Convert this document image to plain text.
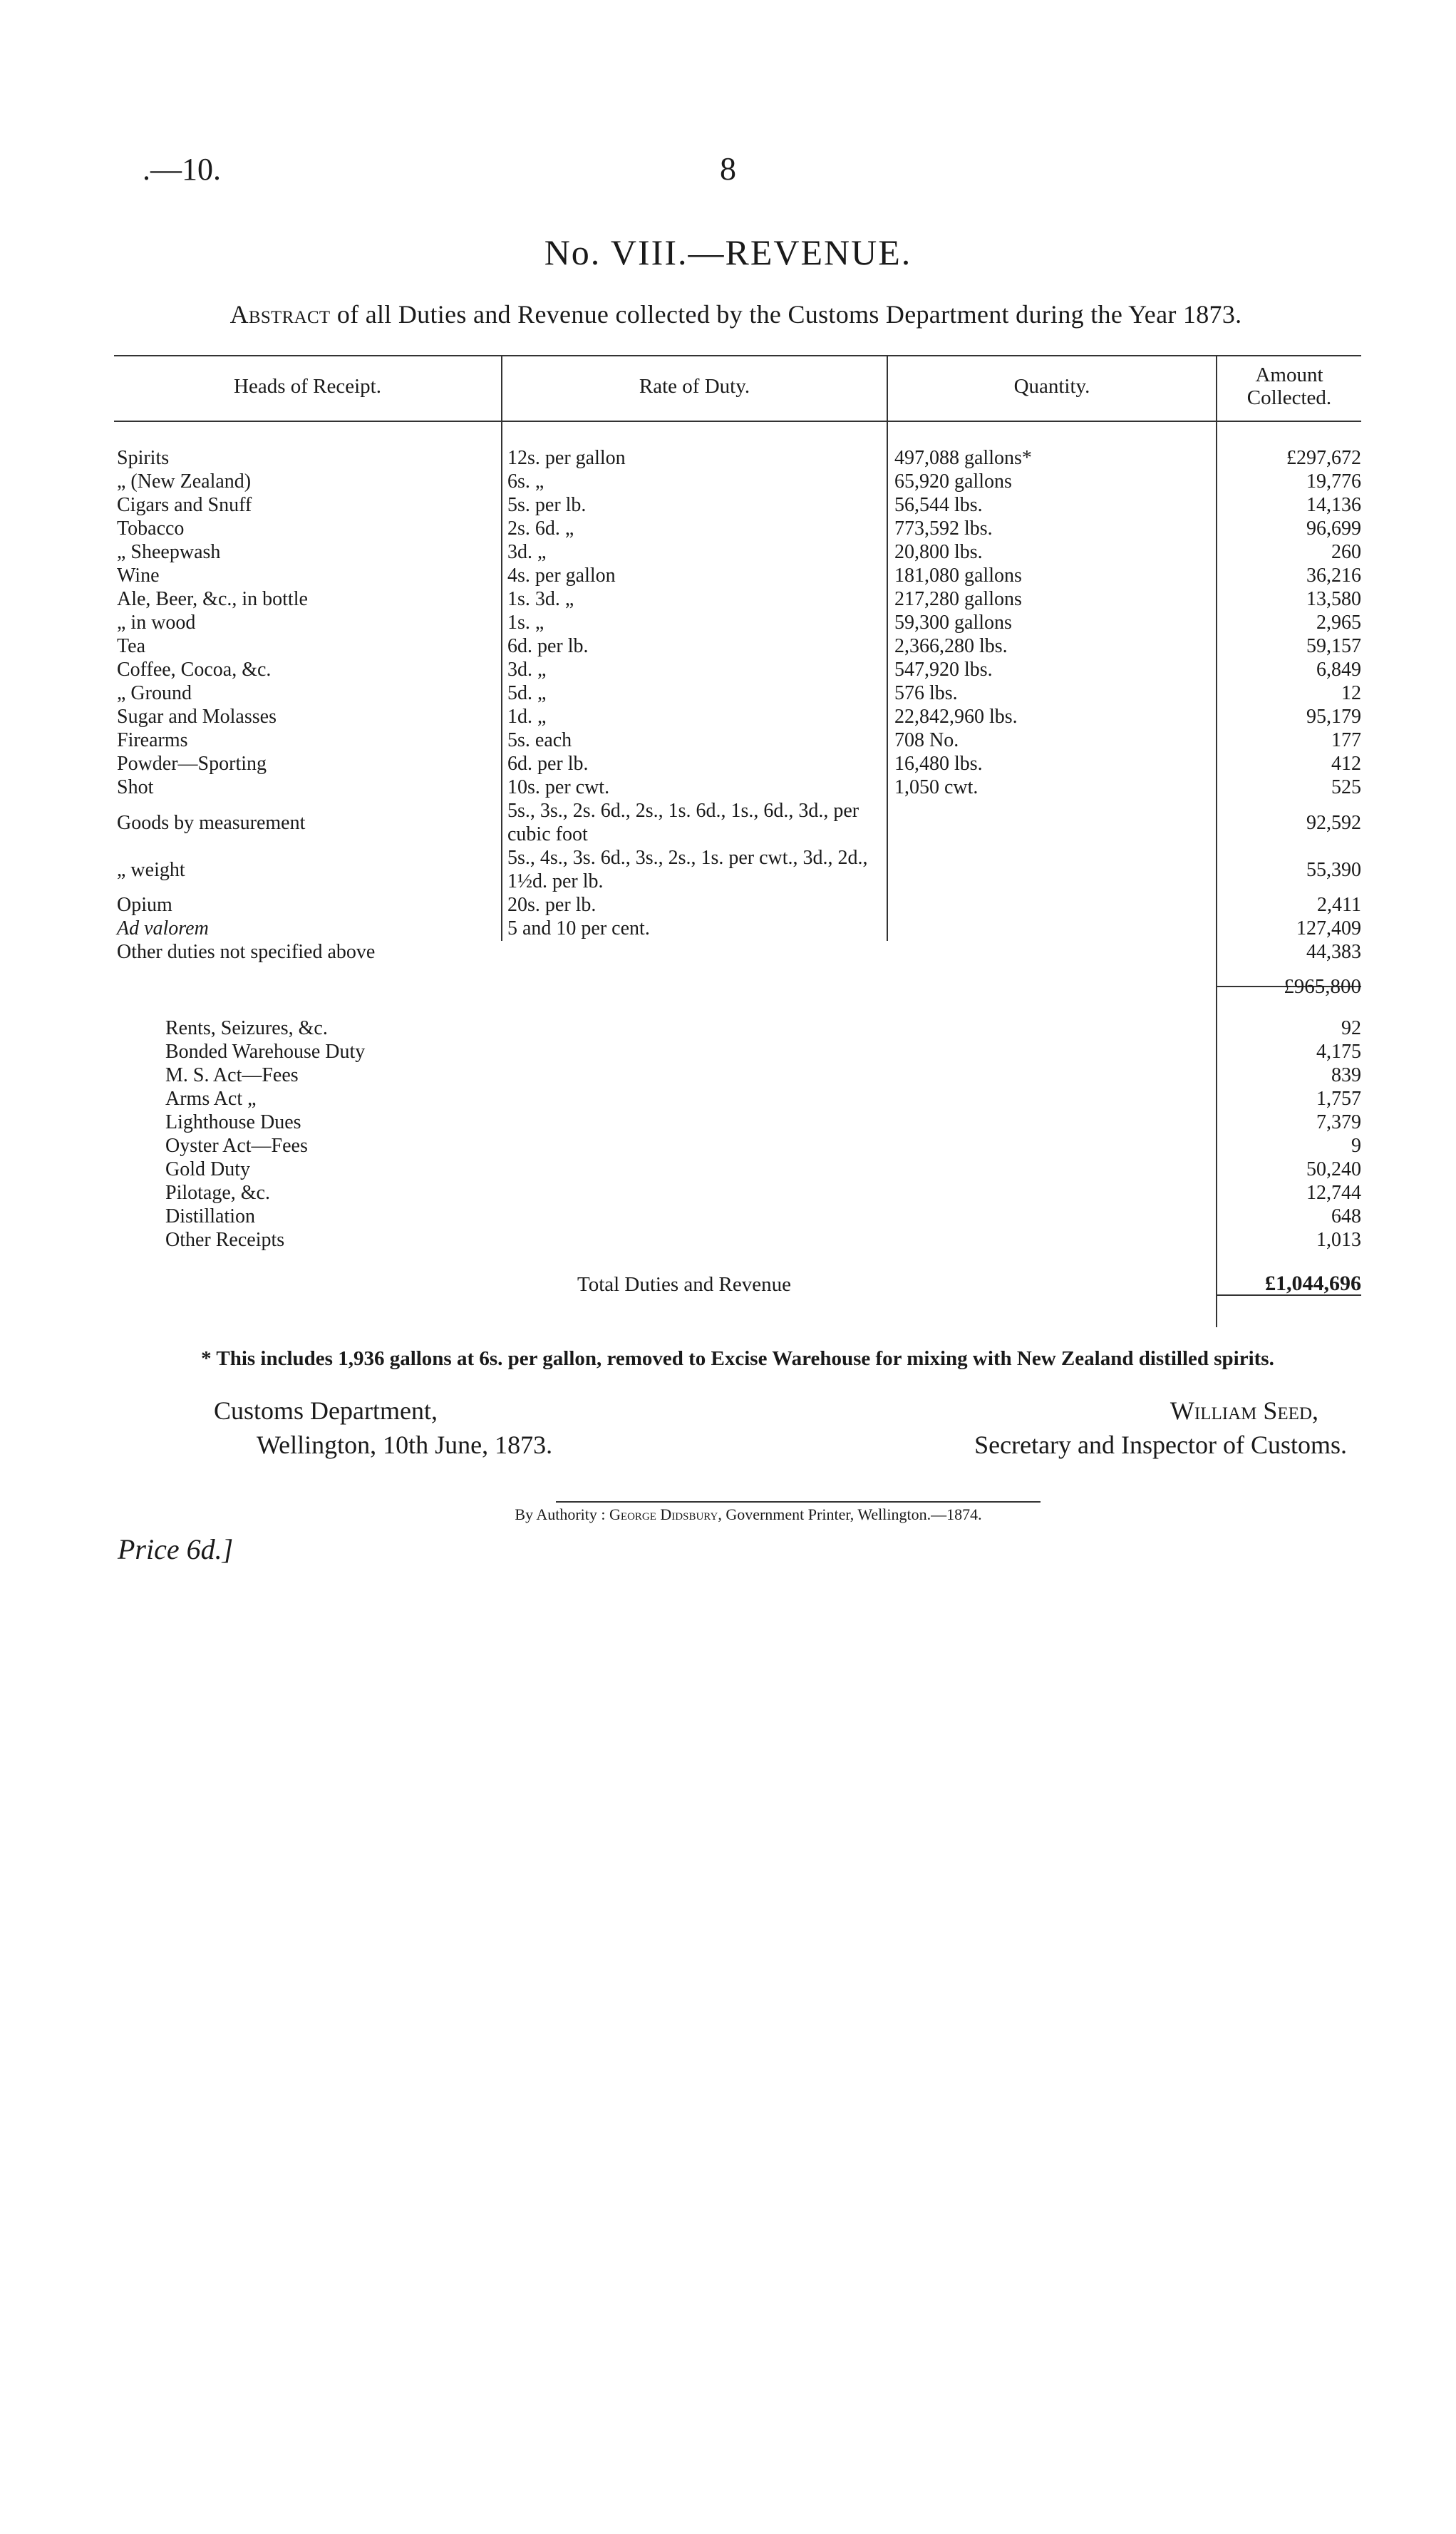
.—10.	8
No. VIII.—REVENUE.
Abstract of all Duties and Revenue collected by the Customs Department during the Year 1873.
Heads of Receipt.	Rate of Duty.	Quantity.	Amount
Collected.
Spirits	12s. per gallon	497,088 gallons*	£297,672
„ (New Zealand)	6s. „	65,920 gallons	19,776
Cigars and Snuff	5s. per lb.	56,544 lbs.	14,136
Tobacco	2s. 6d. „	773,592 lbs.	96,699
„ Sheepwash	3d. „	20,800 lbs.	260
Wine	4s. per gallon	181,080 gallons	36,216
Ale, Beer, &c., in bottle	1s. 3d. „	217,280 gallons	13,580
„ in wood	1s. „	59,300 gallons	2,965
Tea	6d. per lb.	2,366,280 lbs.	59,157
Coffee, Cocoa, &c.	3d. „	547,920 lbs.	6,849
„ Ground	5d. „	576 lbs.	12
Sugar and Molasses	1d. „	22,842,960 lbs.	95,179
Firearms	5s. each	708 No.	177
Powder—Sporting	6d. per lb.	16,480 lbs.	412
Shot	10s. per cwt.	1,050 cwt.	525
Goods by measurement	5s., 3s., 2s. 6d., 2s., 1s. 6d., 1s., 6d., 3d., per cubic foot		92,592
„ weight	5s., 4s., 3s. 6d., 3s., 2s., 1s. per cwt., 3d., 2d., 1½d. per lb.		55,390
Opium	20s. per lb.		2,411
Ad valorem	5 and 10 per cent.		127,409
Other duties not specified above			44,383
£965,800
Rents, Seizures, &c.	92
Bonded Warehouse Duty	4,175
M. S. Act—Fees	839
Arms Act „	1,757
Lighthouse Dues	7,379
Oyster Act—Fees	9
Gold Duty	50,240
Pilotage, &c.	12,744
Distillation	648
Other Receipts	1,013
Total Duties and Revenue	£1,044,696
* This includes 1,936 gallons at 6s. per gallon, removed to Excise Warehouse for mixing with New Zealand distilled spirits.
Customs Department,
Wellington, 10th June, 1873.
William Seed,
Secretary and Inspector of Customs.
By Authority : George Didsbury, Government Printer, Wellington.—1874.
Price 6d.]
